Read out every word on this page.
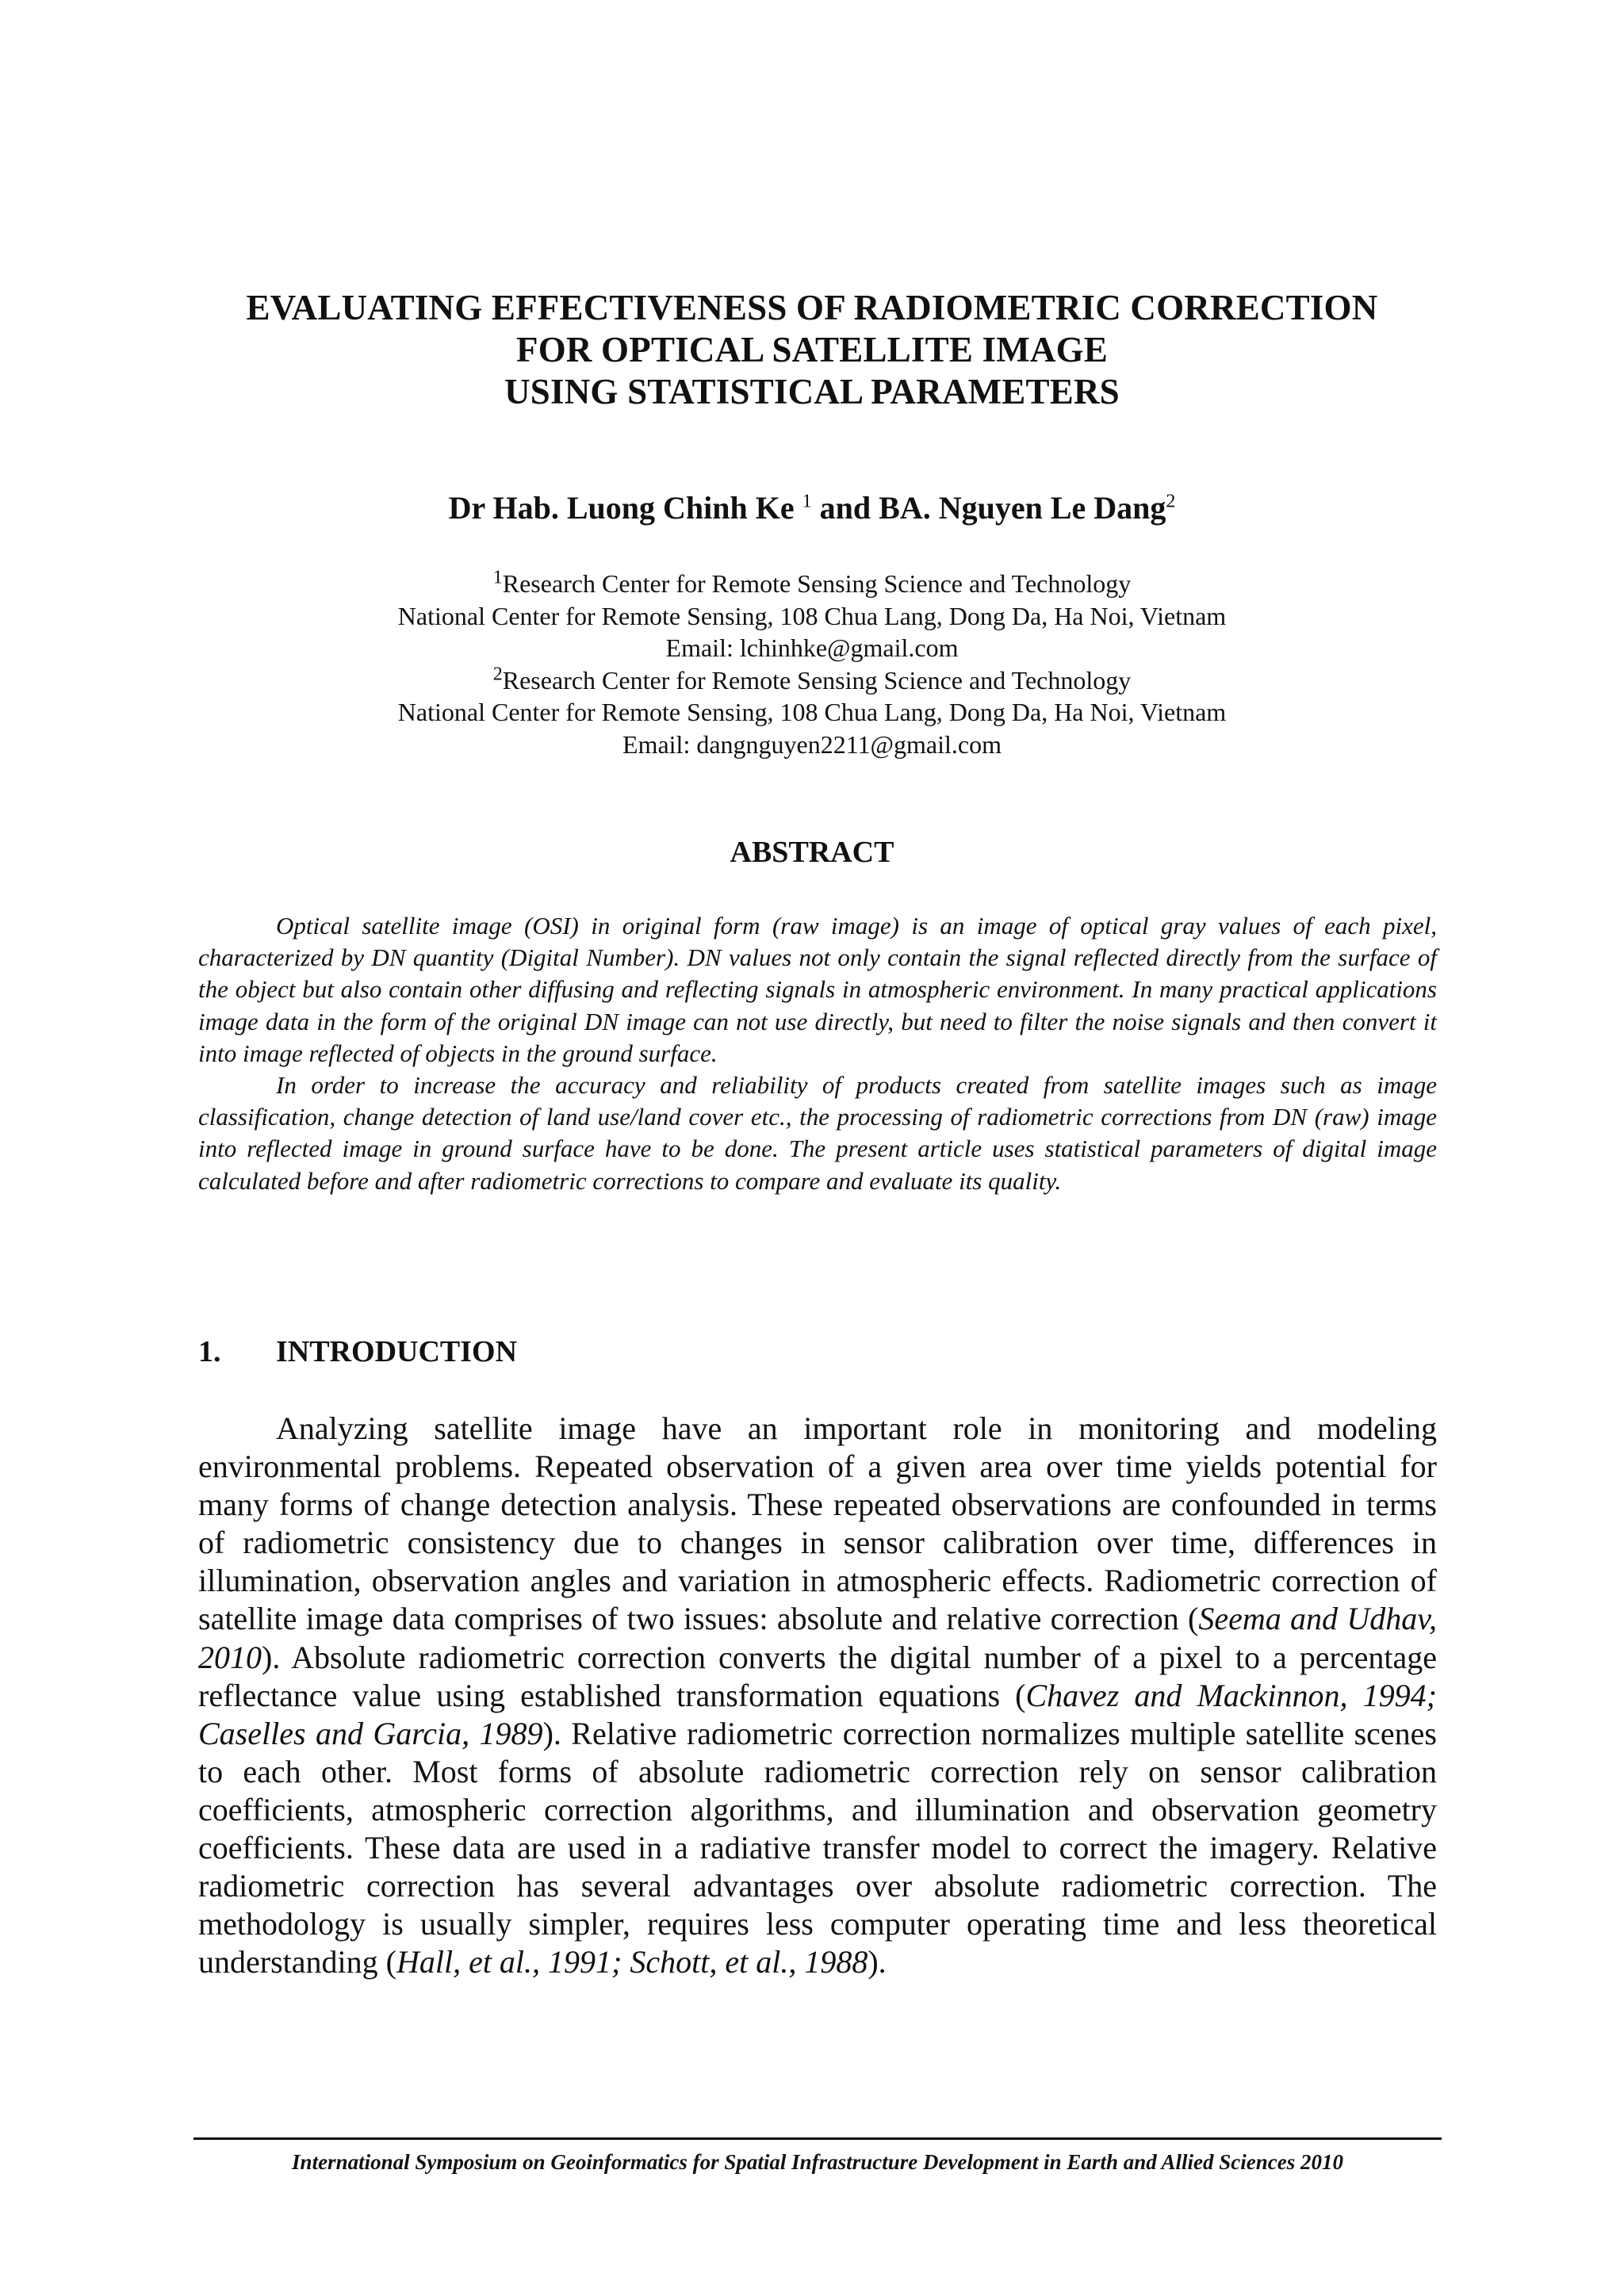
EVALUATING EFFECTIVENESS OF RADIOMETRIC CORRECTION
FOR OPTICAL SATELLITE IMAGE
USING STATISTICAL PARAMETERS
Dr Hab. Luong Chinh Ke $^1$ and BA. Nguyen Le Dang$^2$
$^1$Research Center for Remote Sensing Science and Technology
National Center for Remote Sensing, 108 Chua Lang, Dong Da, Ha Noi, Vietnam
Email: lchinhke@gmail.com
$^2$Research Center for Remote Sensing Science and Technology
National Center for Remote Sensing, 108 Chua Lang, Dong Da, Ha Noi, Vietnam
Email: dangnguyen2211@gmail.com
ABSTRACT

Optical satellite image (OSI) in original form (raw image) is an image of optical gray values of each pixel, characterized by DN quantity (Digital Number). DN values not only contain the signal reflected directly from the surface of the object but also contain other diffusing and reflecting signals in atmospheric environment. In many practical applications image data in the form of the original DN image can not use directly, but need to filter the noise signals and then convert it into image reflected of objects in the ground surface.

In order to increase the accuracy and reliability of products created from satellite images such as image classification, change detection of land use/land cover etc., the processing of radiometric corrections from DN (raw) image into reflected image in ground surface have to be done. The present article uses statistical parameters of digital image calculated before and after radiometric corrections to compare and evaluate its quality.

1. INTRODUCTION

Analyzing satellite image have an important role in monitoring and modeling environmental problems. Repeated observation of a given area over time yields potential for many forms of change detection analysis. These repeated observations are confounded in terms of radiometric consistency due to changes in sensor calibration over time, differences in illumination, observation angles and variation in atmospheric effects. Radiometric correction of satellite image data comprises of two issues: absolute and relative correction (Seema and Udhav, 2010). Absolute radiometric correction converts the digital number of a pixel to a percentage reflectance value using established transformation equations (Chavez and Mackinnon, 1994; Caselles and Garcia, 1989). Relative radiometric correction normalizes multiple satellite scenes to each other. Most forms of absolute radiometric correction rely on sensor calibration coefficients, atmospheric correction algorithms, and illumination and observation geometry coefficients. These data are used in a radiative transfer model to correct the imagery. Relative radiometric correction has several advantages over absolute radiometric correction. The methodology is usually simpler, requires less computer operating time and less theoretical understanding (Hall, et al., 1991; Schott, et al., 1988).

International Symposium on Geoinformatics for Spatial Infrastructure Development in Earth and Allied Sciences 2010
